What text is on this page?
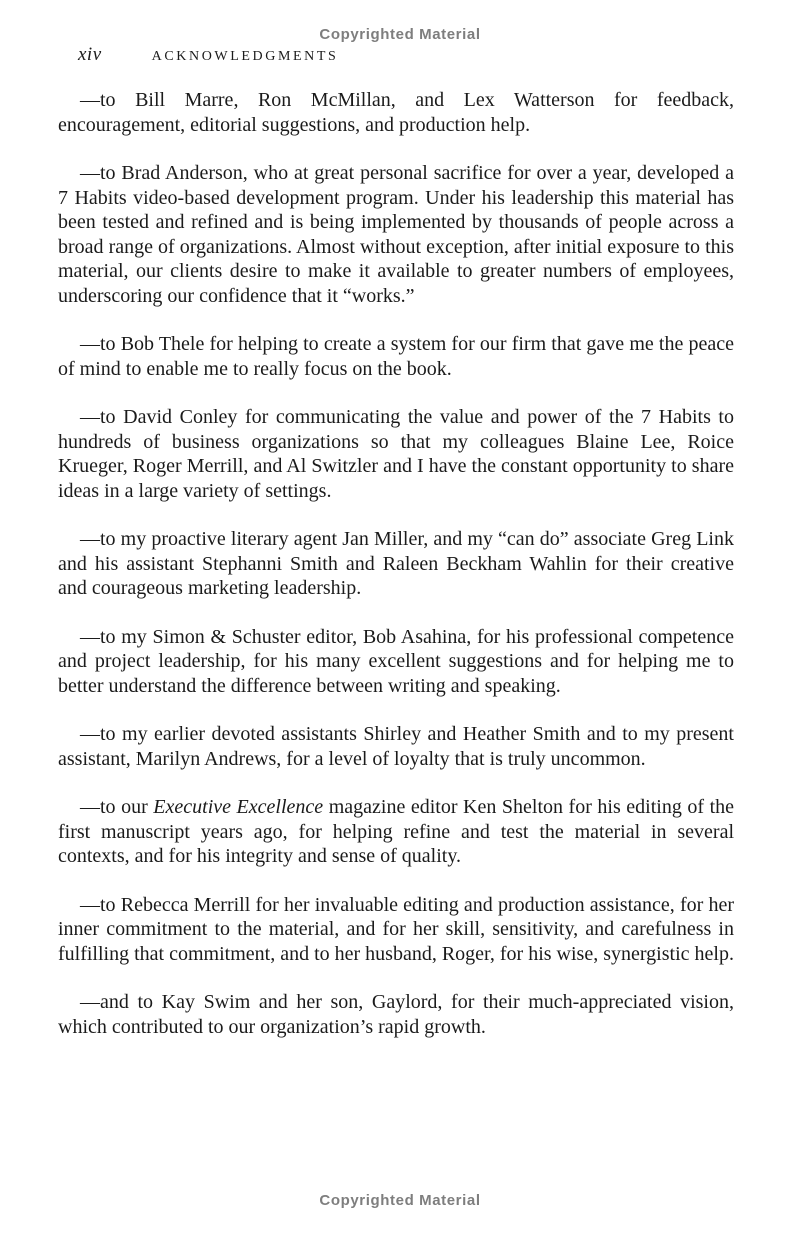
Copyrighted Material
xiv	ACKNOWLEDGMENTS

—to Bill Marre, Ron McMillan, and Lex Watterson for feedback, encouragement, editorial suggestions, and production help.

—to Brad Anderson, who at great personal sacrifice for over a year, developed a 7 Habits video-based development program. Under his leadership this material has been tested and refined and is being implemented by thousands of people across a broad range of organizations. Almost without exception, after initial exposure to this material, our clients desire to make it available to greater numbers of employees, underscoring our confidence that it “works.”

—to Bob Thele for helping to create a system for our firm that gave me the peace of mind to enable me to really focus on the book.

—to David Conley for communicating the value and power of the 7 Habits to hundreds of business organizations so that my colleagues Blaine Lee, Roice Krueger, Roger Merrill, and Al Switzler and I have the constant opportunity to share ideas in a large variety of settings.

—to my proactive literary agent Jan Miller, and my “can do” associate Greg Link and his assistant Stephanni Smith and Raleen Beckham Wahlin for their creative and courageous marketing leadership.

—to my Simon & Schuster editor, Bob Asahina, for his professional competence and project leadership, for his many excellent suggestions and for helping me to better understand the difference between writing and speaking.

—to my earlier devoted assistants Shirley and Heather Smith and to my present assistant, Marilyn Andrews, for a level of loyalty that is truly uncommon.

—to our Executive Excellence magazine editor Ken Shelton for his editing of the first manuscript years ago, for helping refine and test the material in several contexts, and for his integrity and sense of quality.

—to Rebecca Merrill for her invaluable editing and production assistance, for her inner commitment to the material, and for her skill, sensitivity, and carefulness in fulfilling that commitment, and to her husband, Roger, for his wise, synergistic help.

—and to Kay Swim and her son, Gaylord, for their much-appreciated vision, which contributed to our organization’s rapid growth.

Copyrighted Material
